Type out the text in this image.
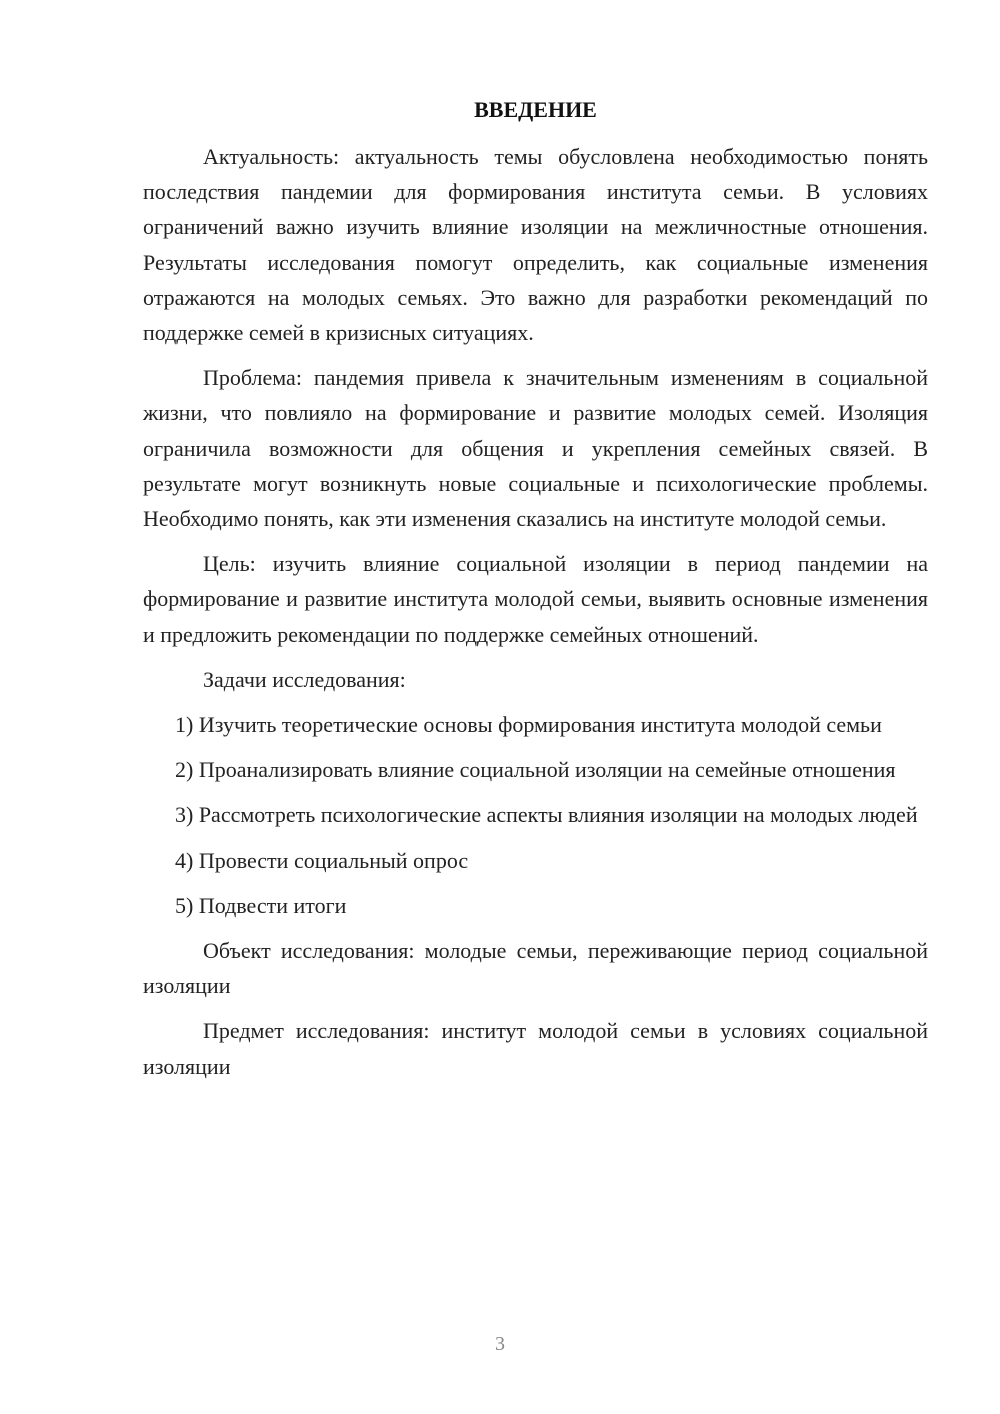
ВВЕДЕНИЕ

Актуальность: актуальность темы обусловлена необходимостью понять последствия пандемии для формирования института семьи. В условиях ограничений важно изучить влияние изоляции на межличностные отношения. Результаты исследования помогут определить, как социальные изменения отражаются на молодых семьях. Это важно для разработки рекомендаций по поддержке семей в кризисных ситуациях.

Проблема: пандемия привела к значительным изменениям в социальной жизни, что повлияло на формирование и развитие молодых семей. Изоляция ограничила возможности для общения и укрепления семейных связей. В результате могут возникнуть новые социальные и психологические проблемы. Необходимо понять, как эти изменения сказались на институте молодой семьи.

Цель: изучить влияние социальной изоляции в период пандемии на формирование и развитие института молодой семьи, выявить основные изменения и предложить рекомендации по поддержке семейных отношений.

Задачи исследования:

1) Изучить теоретические основы формирования института молодой семьи

2) Проанализировать влияние социальной изоляции на семейные отношения

3) Рассмотреть психологические аспекты влияния изоляции на молодых людей

4) Провести социальный опрос

5) Подвести итоги

Объект исследования: молодые семьи, переживающие период социальной изоляции

Предмет исследования: институт молодой семьи в условиях социальной изоляции

3
